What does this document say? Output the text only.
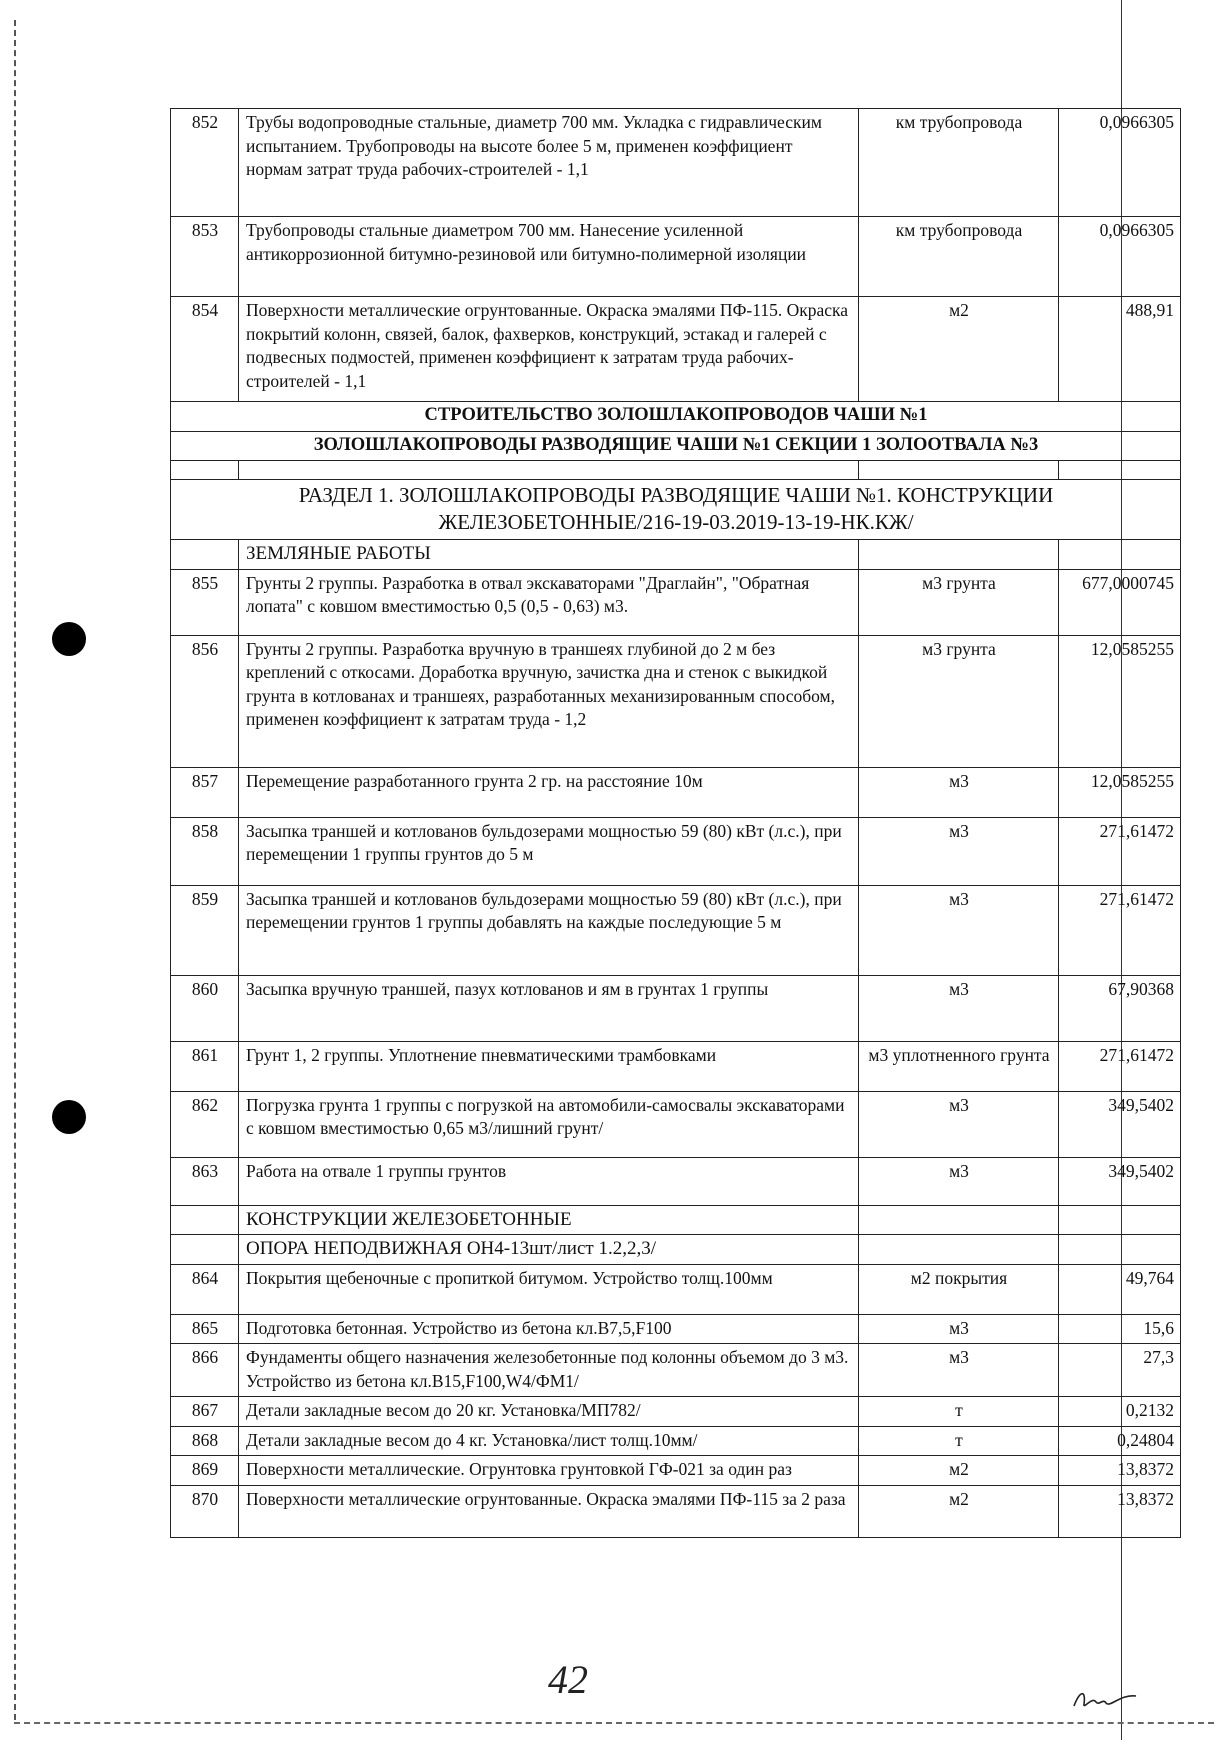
852	Трубы водопроводные стальные, диаметр 700 мм. Укладка с гидравлическим испытанием. Трубопроводы на высоте более 5 м, применен коэффициент нормам затрат труда рабочих-строителей - 1,1	км трубопровода	0,0966305
853	Трубопроводы стальные диаметром 700 мм. Нанесение усиленной антикоррозионной битумно-резиновой или битумно-полимерной изоляции	км трубопровода	0,0966305
854	Поверхности металлические огрунтованные. Окраска эмалями ПФ-115. Окраска покрытий колонн, связей, балок, фахверков, конструкций, эстакад и галерей с подвесных подмостей, применен коэффициент к затратам труда рабочих-строителей - 1,1	м2	488,91
СТРОИТЕЛЬСТВО ЗОЛОШЛАКОПРОВОДОВ ЧАШИ №1			
ЗОЛОШЛАКОПРОВОДЫ РАЗВОДЯЩИЕ ЧАШИ №1 СЕКЦИИ 1 ЗОЛООТВАЛА №3			

РАЗДЕЛ 1. ЗОЛОШЛАКОПРОВОДЫ РАЗВОДЯЩИЕ ЧАШИ №1. КОНСТРУКЦИИ ЖЕЛЕЗОБЕТОННЫЕ/216-19-03.2019-13-19-НК.КЖ/			
	ЗЕМЛЯНЫЕ РАБОТЫ		
855	Грунты 2 группы. Разработка в отвал экскаваторами "Драглайн", "Обратная лопата" с ковшом вместимостью 0,5 (0,5 - 0,63) м3.	м3 грунта	677,0000745
856	Грунты 2 группы. Разработка вручную в траншеях глубиной до 2 м без креплений с откосами. Доработка вручную, зачистка дна и стенок с выкидкой грунта в котлованах и траншеях, разработанных механизированным способом, применен коэффициент к затратам труда - 1,2	м3 грунта	12,0585255
857	Перемещение разработанного грунта 2 гр. на расстояние 10м	м3	12,0585255
858	Засыпка траншей и котлованов бульдозерами мощностью 59 (80) кВт (л.с.), при перемещении 1 группы грунтов до 5 м	м3	271,61472
859	Засыпка траншей и котлованов бульдозерами мощностью 59 (80) кВт (л.с.), при перемещении грунтов 1 группы добавлять на каждые последующие 5 м	м3	271,61472
860	Засыпка вручную траншей, пазух котлованов и ям в грунтах 1 группы	м3	67,90368
861	Грунт 1, 2 группы. Уплотнение пневматическими трамбовками	м3 уплотненного грунта	271,61472
862	Погрузка грунта 1 группы с погрузкой на автомобили-самосвалы экскаваторами с ковшом вместимостью 0,65 м3/лишний грунт/	м3	349,5402
863	Работа на отвале 1 группы грунтов	м3	349,5402
	КОНСТРУКЦИИ ЖЕЛЕЗОБЕТОННЫЕ		
	ОПОРА НЕПОДВИЖНАЯ ОН4-13шт/лист 1.2,2,3/		
864	Покрытия щебеночные с пропиткой битумом. Устройство толщ.100мм	м2 покрытия	49,764
865	Подготовка бетонная. Устройство из бетона кл.В7,5,F100	м3	15,6
866	Фундаменты общего назначения железобетонные под колонны объемом до 3 м3. Устройство из бетона кл.В15,F100,W4/ФМ1/	м3	27,3
867	Детали закладные весом до 20 кг. Установка/МП782/	т	0,2132
868	Детали закладные весом до 4 кг. Установка/лист толщ.10мм/	т	0,24804
869	Поверхности металлические. Огрунтовка грунтовкой ГФ-021 за один раз	м2	13,8372
870	Поверхности металлические огрунтованные. Окраска эмалями ПФ-115 за 2 раза	м2	13,8372
42
